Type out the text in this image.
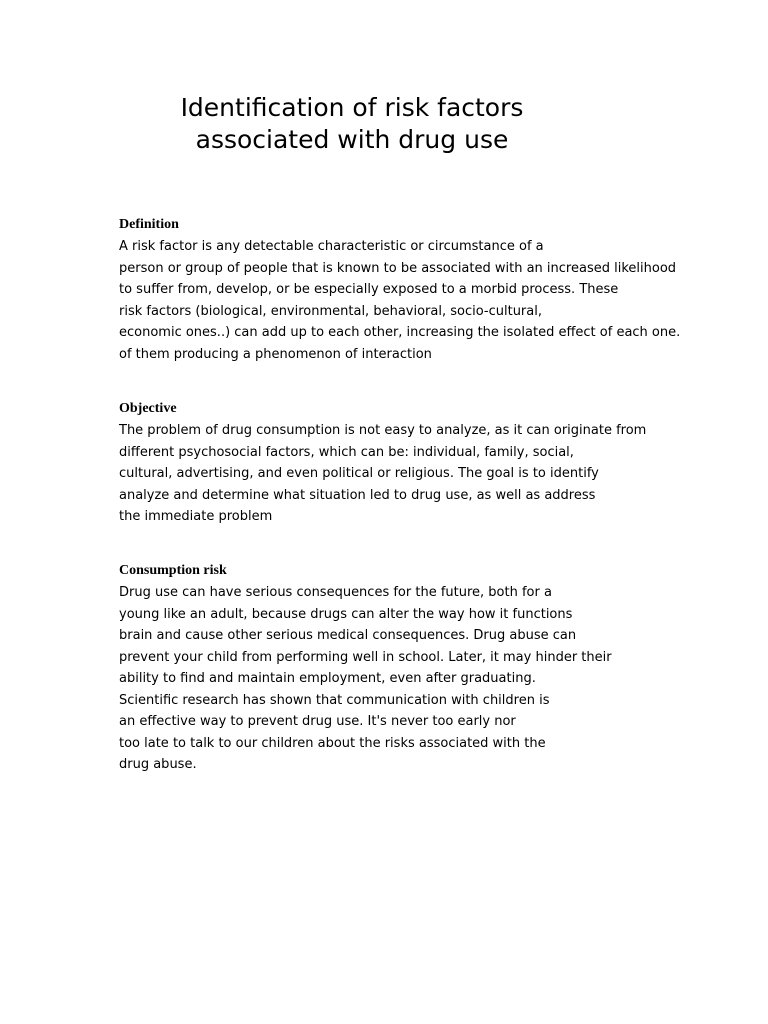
Identification of risk factors
associated with drug use
Definition

A risk factor is any detectable characteristic or circumstance of a
person or group of people that is known to be associated with an increased likelihood
to suffer from, develop, or be especially exposed to a morbid process. These
risk factors (biological, environmental, behavioral, socio-cultural,
economic ones..) can add up to each other, increasing the isolated effect of each one.
of them producing a phenomenon of interaction

Objective

The problem of drug consumption is not easy to analyze, as it can originate from
different psychosocial factors, which can be: individual, family, social,
cultural, advertising, and even political or religious. The goal is to identify
analyze and determine what situation led to drug use, as well as address
the immediate problem

Consumption risk

Drug use can have serious consequences for the future, both for a
young like an adult, because drugs can alter the way how it functions
brain and cause other serious medical consequences. Drug abuse can
prevent your child from performing well in school. Later, it may hinder their
ability to find and maintain employment, even after graduating.
Scientific research has shown that communication with children is
an effective way to prevent drug use. It's never too early nor
too late to talk to our children about the risks associated with the
drug abuse.
